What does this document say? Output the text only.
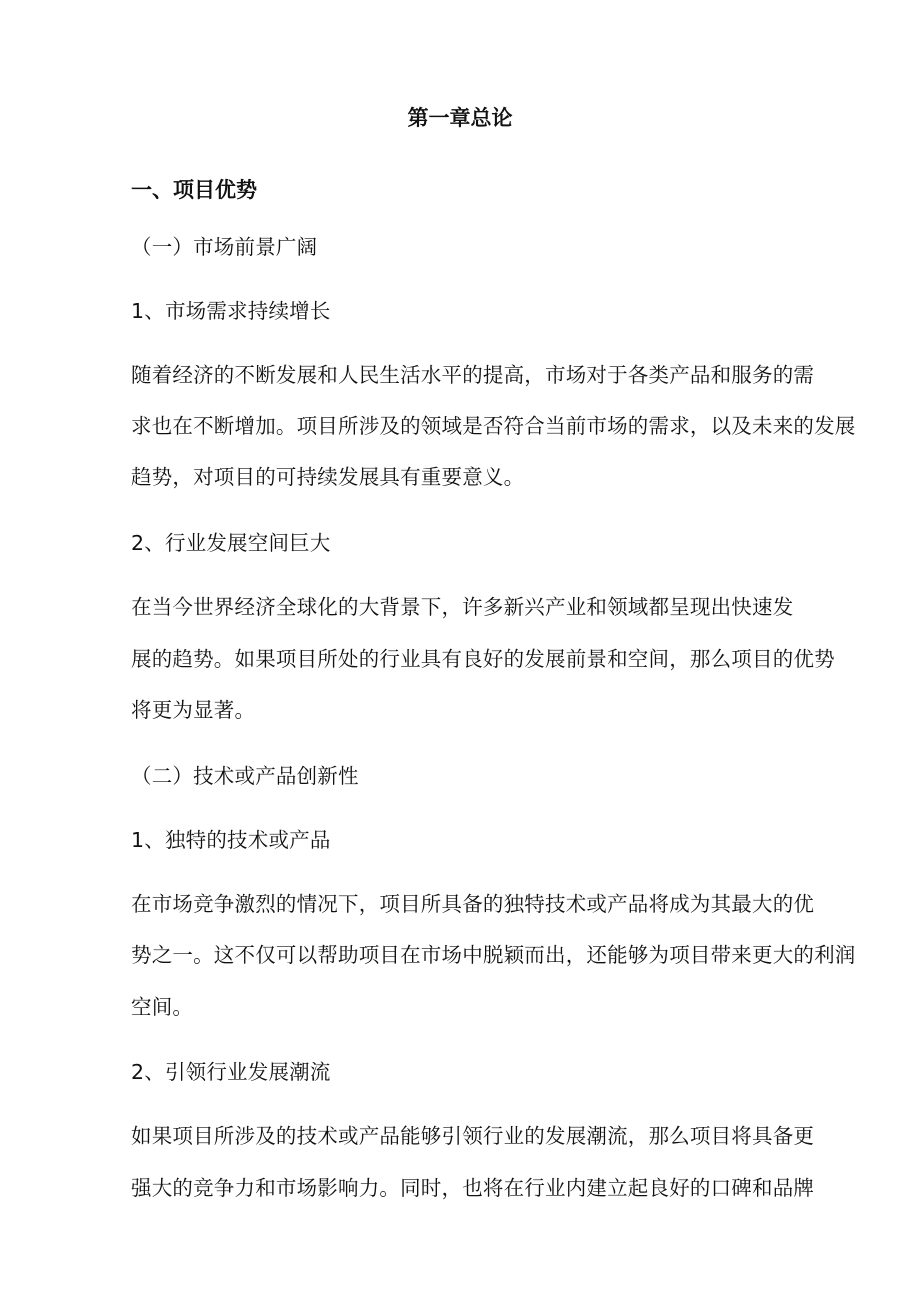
第一章总论
一、项目优势
（一）市场前景广阔
1、市场需求持续增长
随着经济的不断发展和人民生活水平的提高，市场对于各类产品和服务的需
求也在不断增加。项目所涉及的领域是否符合当前市场的需求，以及未来的发展
趋势，对项目的可持续发展具有重要意义。
2、行业发展空间巨大
在当今世界经济全球化的大背景下，许多新兴产业和领域都呈现出快速发
展的趋势。如果项目所处的行业具有良好的发展前景和空间，那么项目的优势
将更为显著。
（二）技术或产品创新性
1、独特的技术或产品
在市场竞争激烈的情况下，项目所具备的独特技术或产品将成为其最大的优
势之一。这不仅可以帮助项目在市场中脱颖而出，还能够为项目带来更大的利润
空间。
2、引领行业发展潮流
如果项目所涉及的技术或产品能够引领行业的发展潮流，那么项目将具备更
强大的竞争力和市场影响力。同时，也将在行业内建立起良好的口碑和品牌
